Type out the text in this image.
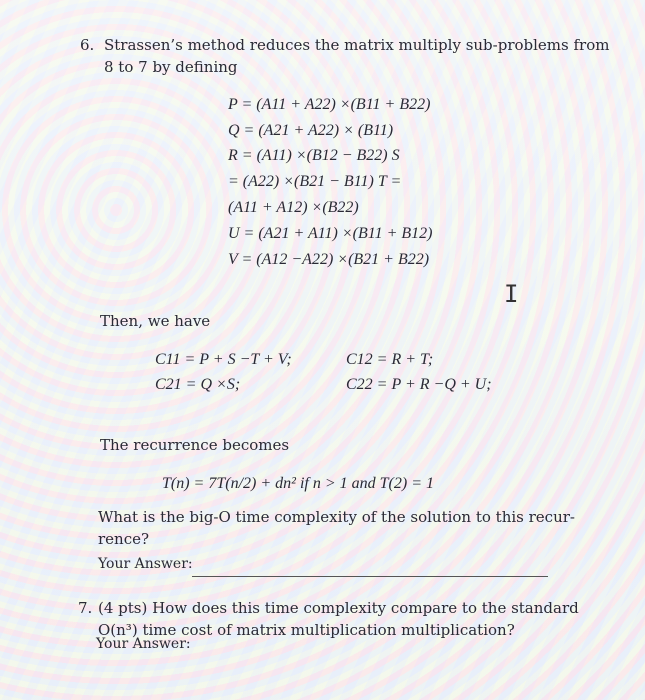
6. Strassen’s method reduces the matrix multiply sub-problems from
8 to 7 by defining
P = (A11 + A22) ×(B11 + B22)
Q = (A21 + A22) × (B11)
R = (A11) ×(B12 − B22) S
= (A22) ×(B21 − B11) T =
(A11 + A12) ×(B22)
U = (A21 + A11) ×(B11 + B12)
V = (A12 −A22) ×(B21 + B22)
I
Then, we have
C11 = P + S −T + V;	C12 = R + T;
C21 = Q ×S;	C22 = P + R −Q + U;
The recurrence becomes
T(n) = 7T(n/2) + dn² if n > 1 and T(2) = 1
What is the big-O time complexity of the solution to this recur-
rence?
Your Answer:
7. (4 pts) How does this time complexity compare to the standard
O(n³) time cost of matrix multiplication multiplication?
Your Answer:
